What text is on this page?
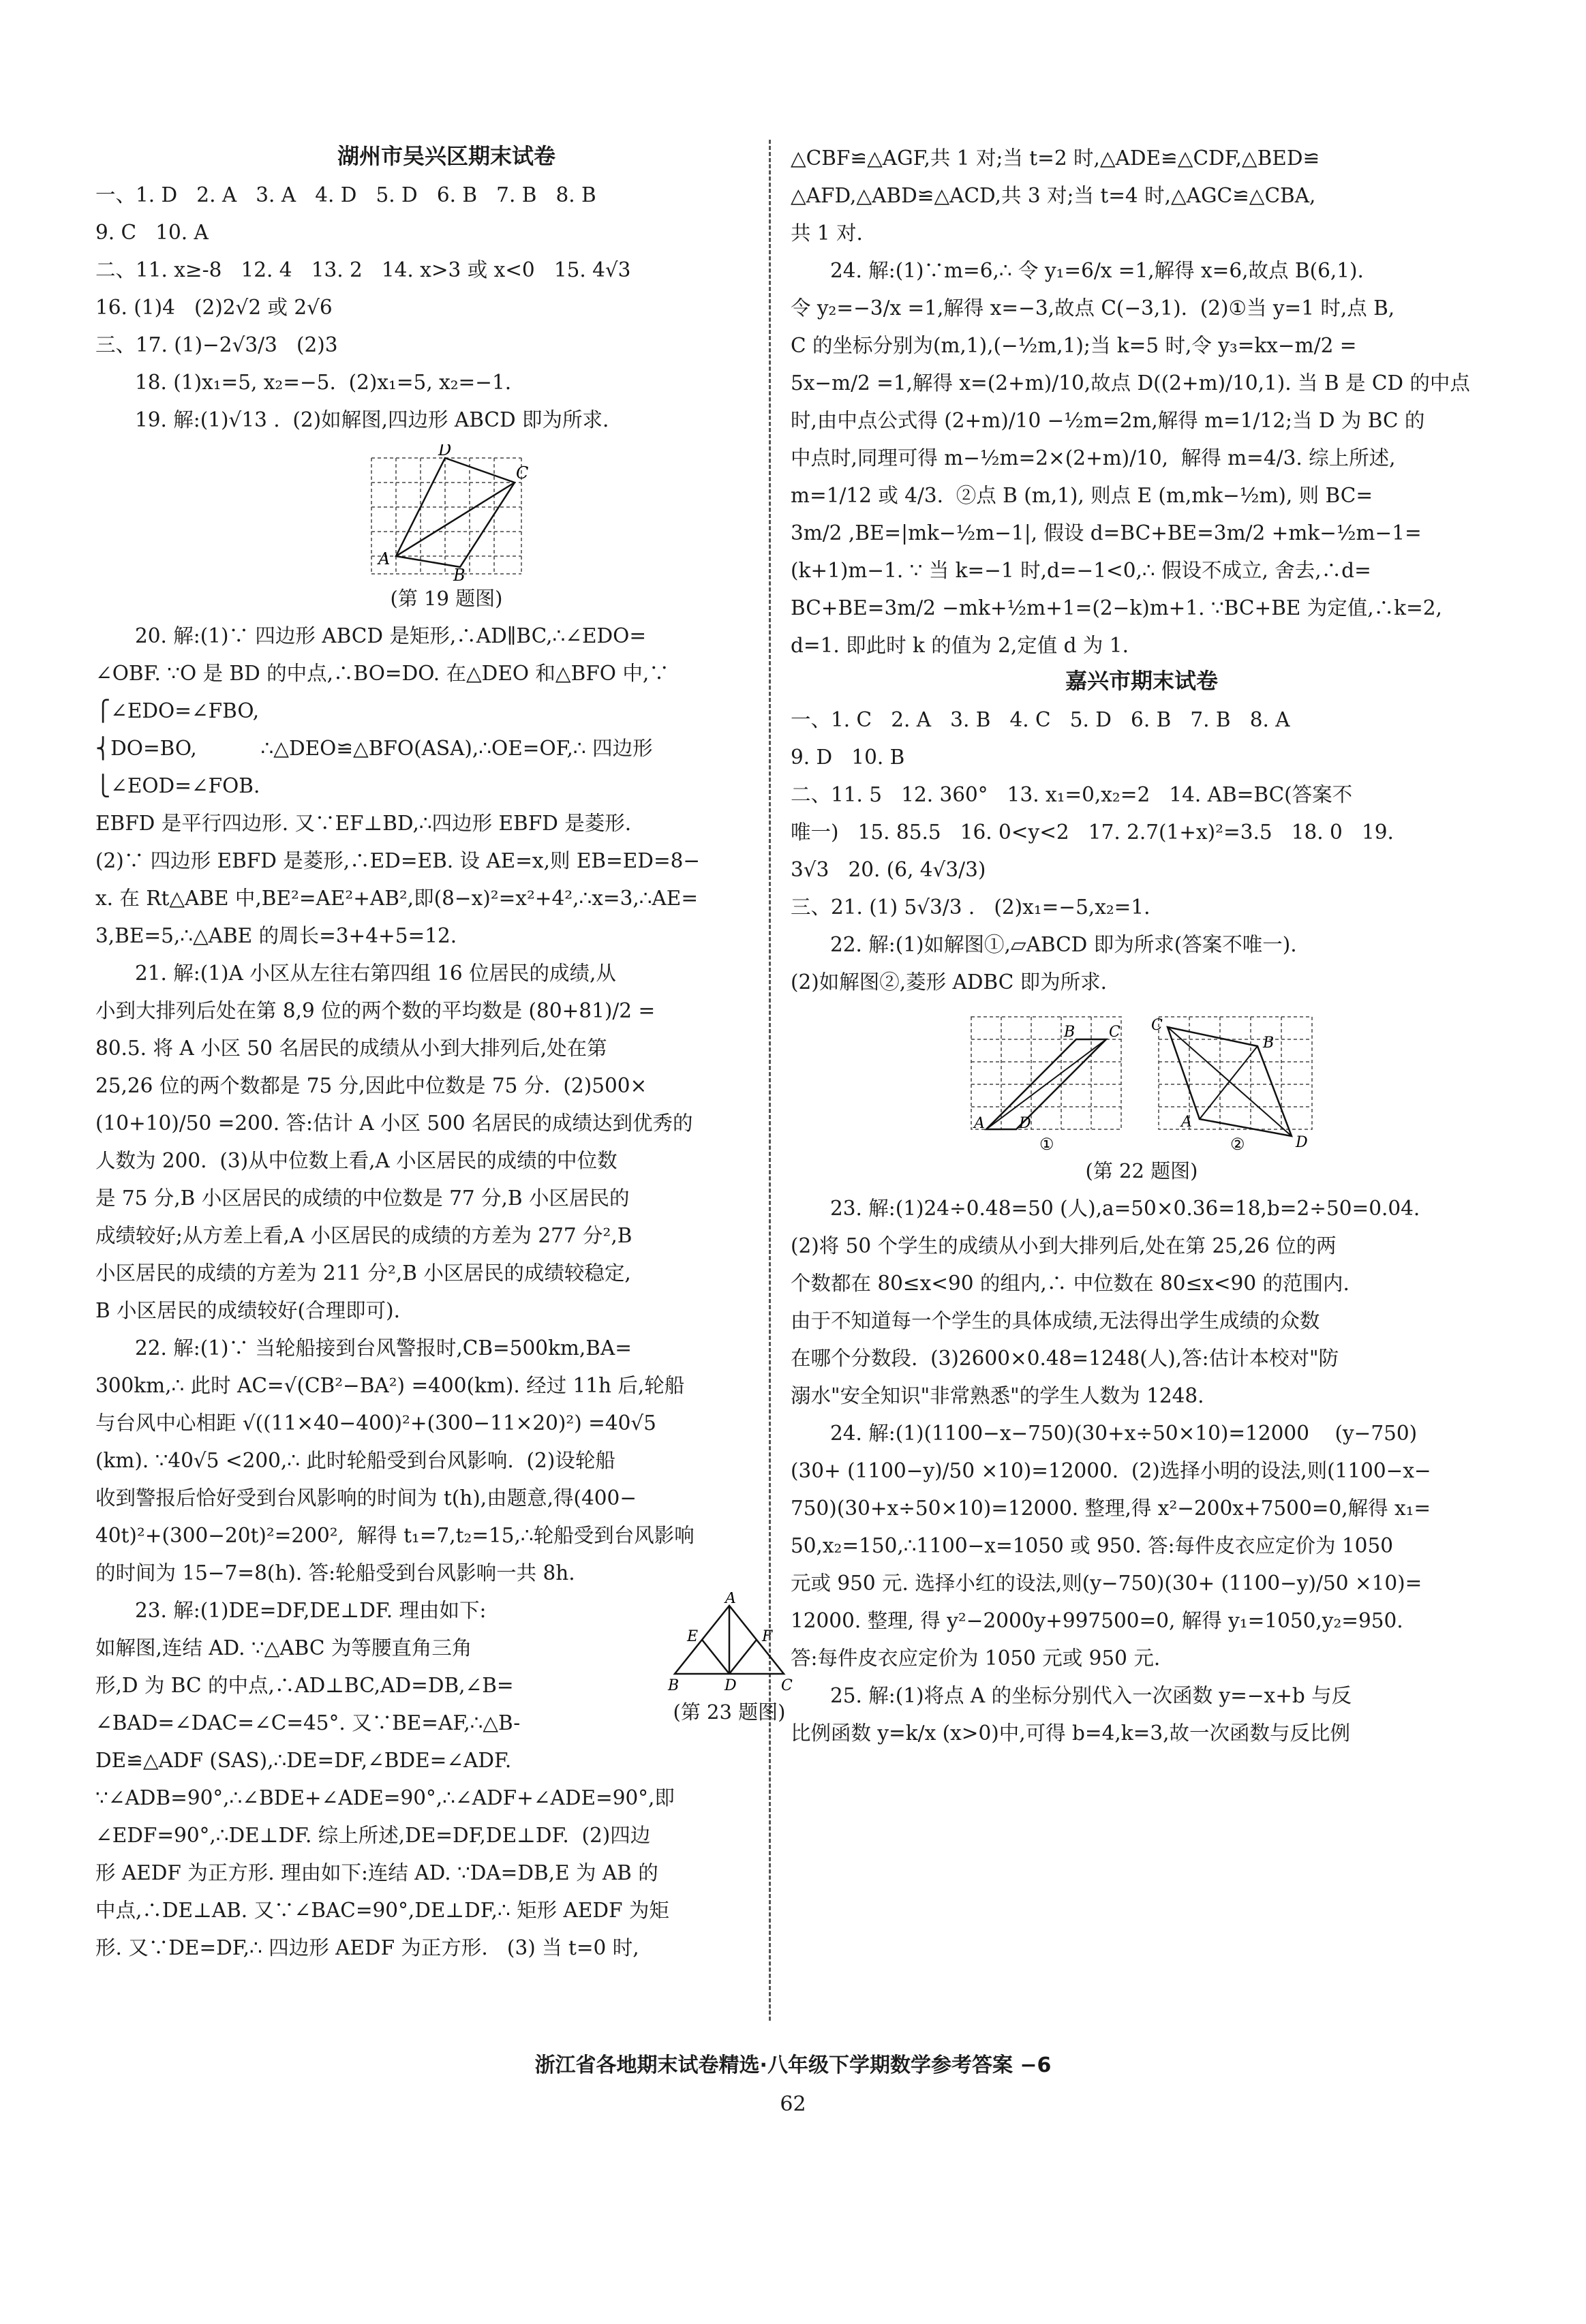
湖州市吴兴区期末试卷

一、1. D   2. A   3. A   4. D   5. D   6. B   7. B   8. B

9. C   10. A

二、11. x≥-8   12. 4   13. 2   14. x>3 或 x<0   15. 4√3

16. (1)4   (2)2√2 或 2√6

三、17. (1)−2√3/3   (2)3

18. (1)x₁=5, x₂=−5.  (2)x₁=5, x₂=−1.

19. 解:(1)√13 .  (2)如解图,四边形 ABCD 即为所求.

D
C
A
B
(第 19 题图)

20. 解:(1)∵ 四边形 ABCD 是矩形,∴AD∥BC,∴∠EDO=

∠OBF. ∵O 是 BD 的中点,∴BO=DO. 在△DEO 和△BFO 中,∵

⎧∠EDO=∠FBO,

⎨DO=BO,          ∴△DEO≌△BFO(ASA),∴OE=OF,∴ 四边形

⎩∠EOD=∠FOB.

EBFD 是平行四边形. 又∵EF⊥BD,∴四边形 EBFD 是菱形.

(2)∵ 四边形 EBFD 是菱形,∴ED=EB. 设 AE=x,则 EB=ED=8−

x. 在 Rt△ABE 中,BE²=AE²+AB²,即(8−x)²=x²+4²,∴x=3,∴AE=

3,BE=5,∴△ABE 的周长=3+4+5=12.

21. 解:(1)A 小区从左往右第四组 16 位居民的成绩,从

小到大排列后处在第 8,9 位的两个数的平均数是 (80+81)/2 =

80.5. 将 A 小区 50 名居民的成绩从小到大排列后,处在第

25,26 位的两个数都是 75 分,因此中位数是 75 分.  (2)500×

(10+10)/50 =200. 答:估计 A 小区 500 名居民的成绩达到优秀的

人数为 200.  (3)从中位数上看,A 小区居民的成绩的中位数

是 75 分,B 小区居民的成绩的中位数是 77 分,B 小区居民的

成绩较好;从方差上看,A 小区居民的成绩的方差为 277 分²,B

小区居民的成绩的方差为 211 分²,B 小区居民的成绩较稳定,

B 小区居民的成绩较好(合理即可).

22. 解:(1)∵ 当轮船接到台风警报时,CB=500km,BA=

300km,∴ 此时 AC=√(CB²−BA²) =400(km). 经过 11h 后,轮船

与台风中心相距 √((11×40−400)²+(300−11×20)²) =40√5

(km). ∵40√5 <200,∴ 此时轮船受到台风影响.  (2)设轮船

收到警报后恰好受到台风影响的时间为 t(h),由题意,得(400−

40t)²+(300−20t)²=200²,  解得 t₁=7,t₂=15,∴轮船受到台风影响

的时间为 15−7=8(h). 答:轮船受到台风影响一共 8h.

A
E	F
B	D	C
(第 23 题图)

23. 解:(1)DE=DF,DE⊥DF. 理由如下:

如解图,连结 AD. ∵△ABC 为等腰直角三角

形,D 为 BC 的中点,∴AD⊥BC,AD=DB,∠B=

∠BAD=∠DAC=∠C=45°. 又∵BE=AF,∴△B-

DE≌△ADF (SAS),∴DE=DF,∠BDE=∠ADF.

∵∠ADB=90°,∴∠BDE+∠ADE=90°,∴∠ADF+∠ADE=90°,即

∠EDF=90°,∴DE⊥DF. 综上所述,DE=DF,DE⊥DF.  (2)四边

形 AEDF 为正方形. 理由如下:连结 AD. ∵DA=DB,E 为 AB 的

中点,∴DE⊥AB. 又∵∠BAC=90°,DE⊥DF,∴ 矩形 AEDF 为矩

形. 又∵DE=DF,∴ 四边形 AEDF 为正方形.   (3) 当 t=0 时,

△CBF≌△AGF,共 1 对;当 t=2 时,△ADE≌△CDF,△BED≌

△AFD,△ABD≌△ACD,共 3 对;当 t=4 时,△AGC≌△CBA,

共 1 对.

24. 解:(1)∵m=6,∴ 令 y₁=6/x =1,解得 x=6,故点 B(6,1).

令 y₂=−3/x =1,解得 x=−3,故点 C(−3,1).  (2)①当 y=1 时,点 B,

C 的坐标分别为(m,1),(−½m,1);当 k=5 时,令 y₃=kx−m/2 =

5x−m/2 =1,解得 x=(2+m)/10,故点 D((2+m)/10,1). 当 B 是 CD 的中点

时,由中点公式得 (2+m)/10 −½m=2m,解得 m=1/12;当 D 为 BC 的

中点时,同理可得 m−½m=2×(2+m)/10,  解得 m=4/3. 综上所述,

m=1/12 或 4/3.  ②点 B (m,1), 则点 E (m,mk−½m), 则 BC=

3m/2 ,BE=|mk−½m−1|, 假设 d=BC+BE=3m/2 +mk−½m−1=

(k+1)m−1. ∵ 当 k=−1 时,d=−1<0,∴ 假设不成立, 舍去,∴d=

BC+BE=3m/2 −mk+½m+1=(2−k)m+1. ∵BC+BE 为定值,∴k=2,

d=1. 即此时 k 的值为 2,定值 d 为 1.

嘉兴市期末试卷

一、1. C   2. A   3. B   4. C   5. D   6. B   7. B   8. A

9. D   10. B

二、11. 5   12. 360°   13. x₁=0,x₂=2   14. AB=BC(答案不

唯一)   15. 85.5   16. 0<y<2   17. 2.7(1+x)²=3.5   18. 0   19.

3√3   20. (6, 4√3/3)

三、21. (1) 5√3/3 .   (2)x₁=−5,x₂=1.

22. 解:(1)如解图①,▱ABCD 即为所求(答案不唯一).

(2)如解图②,菱形 ADBC 即为所求.

B C
A D
C
B
A
D
①	②
(第 22 题图)

23. 解:(1)24÷0.48=50 (人),a=50×0.36=18,b=2÷50=0.04.

(2)将 50 个学生的成绩从小到大排列后,处在第 25,26 位的两

个数都在 80≤x<90 的组内,∴ 中位数在 80≤x<90 的范围内.

由于不知道每一个学生的具体成绩,无法得出学生成绩的众数

在哪个分数段.  (3)2600×0.48=1248(人),答:估计本校对"防

溺水"安全知识"非常熟悉"的学生人数为 1248.

24. 解:(1)(1100−x−750)(30+x÷50×10)=12000    (y−750)

(30+ (1100−y)/50 ×10)=12000.  (2)选择小明的设法,则(1100−x−

750)(30+x÷50×10)=12000. 整理,得 x²−200x+7500=0,解得 x₁=

50,x₂=150,∴1100−x=1050 或 950. 答:每件皮衣应定价为 1050

元或 950 元. 选择小红的设法,则(y−750)(30+ (1100−y)/50 ×10)=

12000. 整理, 得 y²−2000y+997500=0, 解得 y₁=1050,y₂=950.

答:每件皮衣应定价为 1050 元或 950 元.

25. 解:(1)将点 A 的坐标分别代入一次函数 y=−x+b 与反

比例函数 y=k/x (x>0)中,可得 b=4,k=3,故一次函数与反比例

浙江省各地期末试卷精选·八年级下学期数学参考答案 −6
62
